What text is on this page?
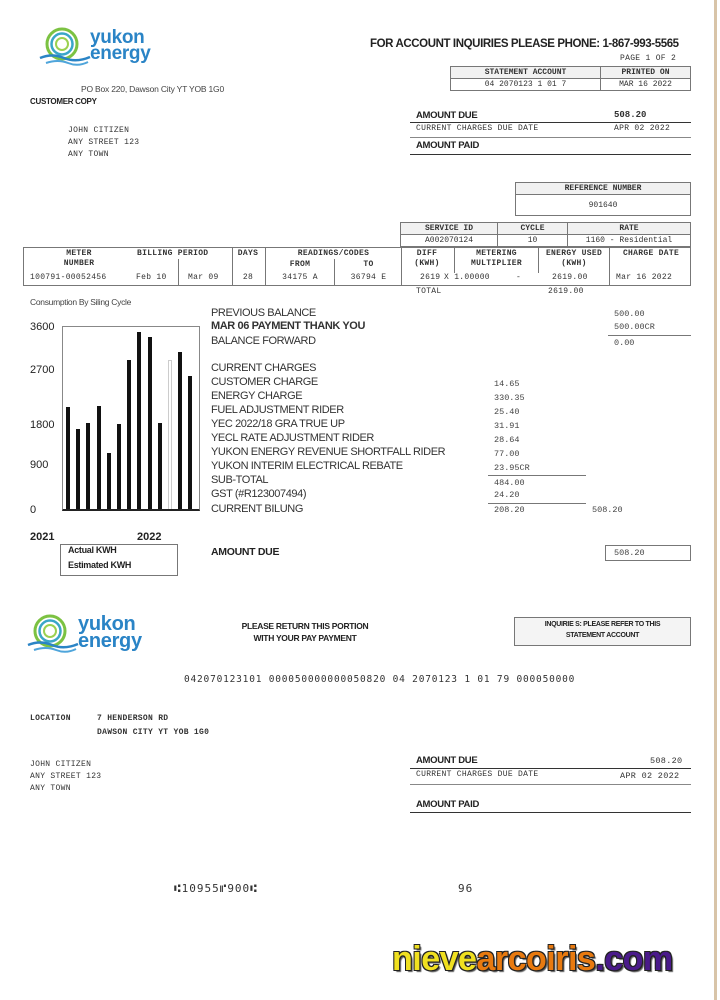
yukon
energy
PO Box 220, Dawson City YT YOB 1G0
CUSTOMER COPY
JOHN CITIZEN
ANY STREET 123
ANY TOWN
FOR ACCOUNT INQUIRIES PLEASE PHONE: 1-867-993-5565
PAGE 1 OF 2
STATEMENT ACCOUNT	PRINTED ON
04 2070123 1 01 7	MAR 16 2022
AMOUNT DUE	508.20
CURRENT CHARGES DUE DATE	APR 02 2022
AMOUNT PAID
REFERENCE NUMBER
901640
SERVICE ID	CYCLE	RATE
A002070124	10	1160 - Residential
METER
NUMBER
BILLING PERIOD	DAYS	READINGS/CODES
FROM	TO
DIFF
(KWH)
METERING
MULTIPLIER
ENERGY USED
(KWH)
CHARGE DATE
100791-00052456	Feb 10	Mar 09	28	34175 A	36794 E	2619 X 1.00000	-	2619.00	Mar 16 2022
TOTAL	2619.00
Consumption By Siling Cycle
3600
2700
1800
900
0
2021	2022
Actual KWH
Estimated KWH
PREVIOUS BALANCE	500.00
MAR 06 PAYMENT THANK YOU	500.00CR
BALANCE FORWARD	0.00
CURRENT CHARGES
CUSTOMER CHARGE	14.65
ENERGY CHARGE	330.35
FUEL ADJUSTMENT RIDER	25.40
YEC 2022/18 GRA TRUE UP	31.91
YECL RATE ADJUSTMENT RIDER	28.64
YUKON ENERGY REVENUE SHORTFALL RIDER	77.00
YUKON INTERIM ELECTRICAL REBATE	23.95CR
SUB-TOTAL	484.00
GST (#R123007494)	24.20
CURRENT BILUNG	208.20	508.20
AMOUNT DUE	508.20
yukon
energy
PLEASE RETURN THIS PORTION
WITH YOUR PAY PAYMENT
INQUIRIE S: PLEASE REFER TO THIS
STATEMENT ACCOUNT
042070123101 000050000000050820 04 2070123 1 01 79 000050000
LOCATION	7 HENDERSON RD
DAWSON CITY YT YOB 1G0
JOHN CITIZEN
ANY STREET 123
ANY TOWN
AMOUNT DUE	508.20
CURRENT CHARGES DUE DATE	APR 02 2022
AMOUNT PAID
⑆10955⑈900⑆	96
nievearcoiris.com
